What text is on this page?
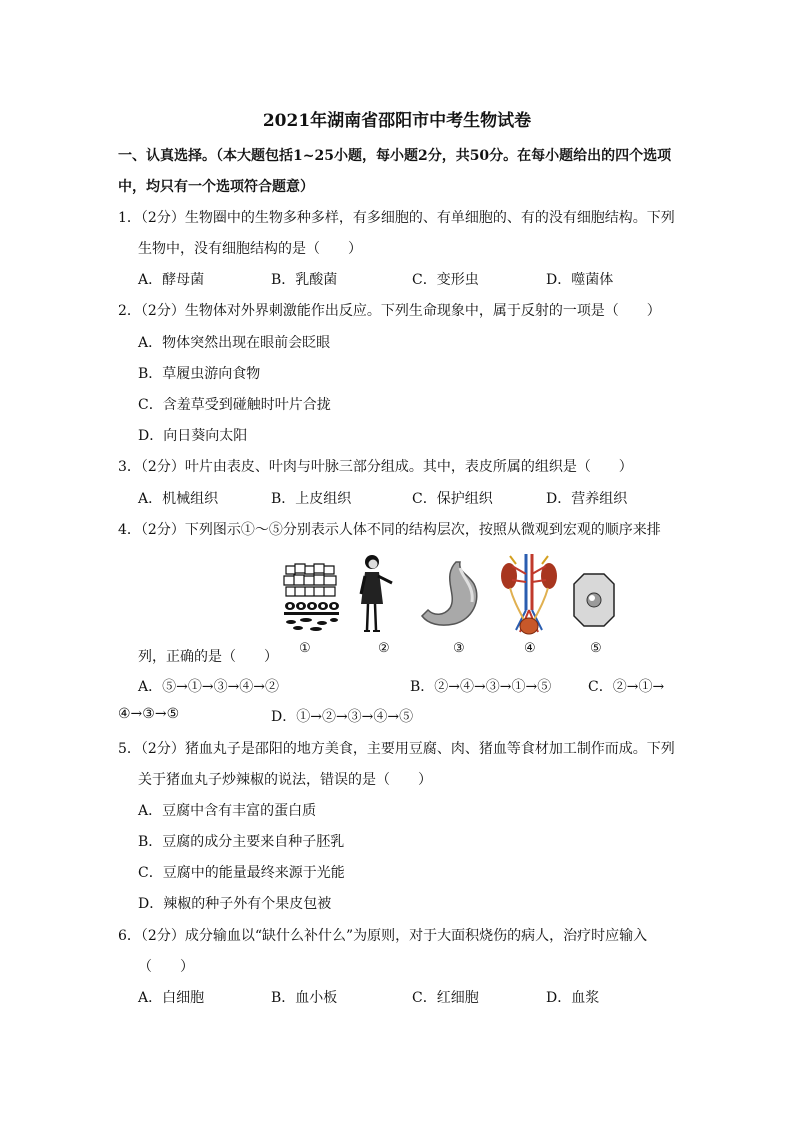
2021年湖南省邵阳市中考生物试卷
一、认真选择。（本大题包括1~25小题，每小题2分，共50分。在每小题给出的四个选项
中，均只有一个选项符合题意）
1．（2分）生物圈中的生物多种多样，有多细胞的、有单细胞的、有的没有细胞结构。下列
生物中，没有细胞结构的是（　　）
A．酵母菌	B．乳酸菌	C．变形虫	D．噬菌体
2．（2分）生物体对外界刺激能作出反应。下列生命现象中，属于反射的一项是（　　）
A．物体突然出现在眼前会眨眼
B．草履虫游向食物
C．含羞草受到碰触时叶片合拢
D．向日葵向太阳
3．（2分）叶片由表皮、叶肉与叶脉三部分组成。其中，表皮所属的组织是（　　）
A．机械组织	B．上皮组织	C．保护组织	D．营养组织
4．（2分）下列图示①～⑤分别表示人体不同的结构层次，按照从微观到宏观的顺序来排
①	②	③	④	⑤
列，正确的是（　　）
A．⑤→①→③→④→②	B．②→④→③→①→⑤	C．②→①→
④→③→⑤	D．①→②→③→④→⑤
5．（2分）猪血丸子是邵阳的地方美食，主要用豆腐、肉、猪血等食材加工制作而成。下列
关于猪血丸子炒辣椒的说法，错误的是（　　）
A．豆腐中含有丰富的蛋白质
B．豆腐的成分主要来自种子胚乳
C．豆腐中的能量最终来源于光能
D．辣椒的种子外有个果皮包被
6．（2分）成分输血以“缺什么补什么”为原则，对于大面积烧伤的病人，治疗时应输入
（　　）
A．白细胞	B．血小板	C．红细胞	D．血浆
